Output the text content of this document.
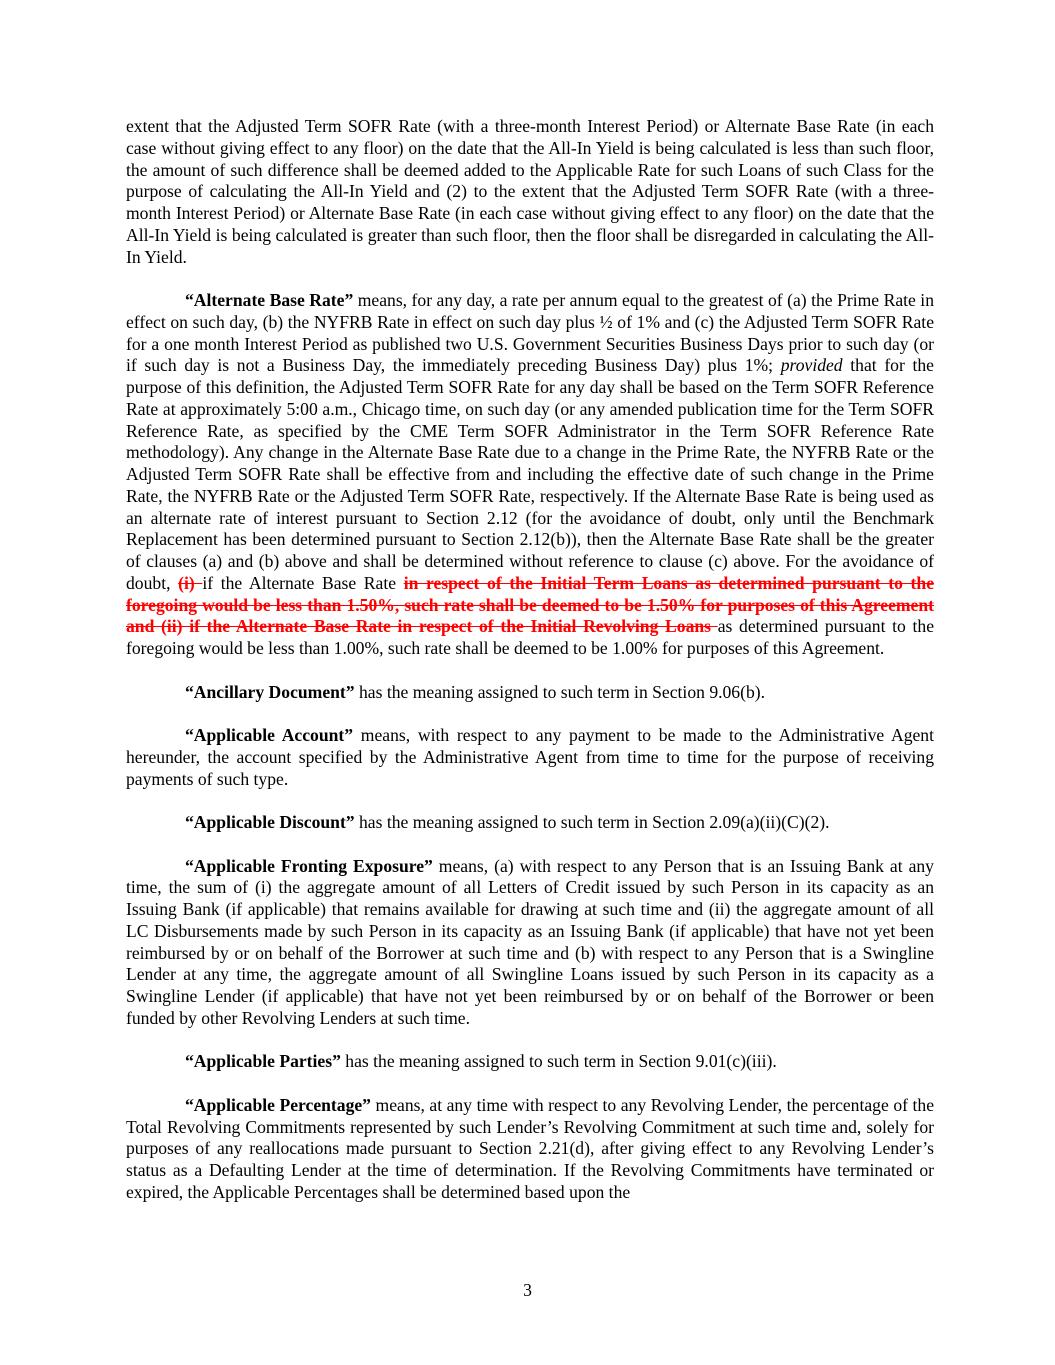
extent that the Adjusted Term SOFR Rate (with a three-month Interest Period) or Alternate Base Rate (in each case without giving effect to any floor) on the date that the All-In Yield is being calculated is less than such floor, the amount of such difference shall be deemed added to the Applicable Rate for such Loans of such Class for the purpose of calculating the All-In Yield and (2) to the extent that the Adjusted Term SOFR Rate (with a three-month Interest Period) or Alternate Base Rate (in each case without giving effect to any floor) on the date that the All-In Yield is being calculated is greater than such floor, then the floor shall be disregarded in calculating the All-In Yield.

“Alternate Base Rate” means, for any day, a rate per annum equal to the greatest of (a) the Prime Rate in effect on such day, (b) the NYFRB Rate in effect on such day plus ½ of 1% and (c) the Adjusted Term SOFR Rate for a one month Interest Period as published two U.S. Government Securities Business Days prior to such day (or if such day is not a Business Day, the immediately preceding Business Day) plus 1%; provided that for the purpose of this definition, the Adjusted Term SOFR Rate for any day shall be based on the Term SOFR Reference Rate at approximately 5:00 a.m., Chicago time, on such day (or any amended publication time for the Term SOFR Reference Rate, as specified by the CME Term SOFR Administrator in the Term SOFR Reference Rate methodology). Any change in the Alternate Base Rate due to a change in the Prime Rate, the NYFRB Rate or the Adjusted Term SOFR Rate shall be effective from and including the effective date of such change in the Prime Rate, the NYFRB Rate or the Adjusted Term SOFR Rate, respectively. If the Alternate Base Rate is being used as an alternate rate of interest pursuant to Section 2.12 (for the avoidance of doubt, only until the Benchmark Replacement has been determined pursuant to Section 2.12(b)), then the Alternate Base Rate shall be the greater of clauses (a) and (b) above and shall be determined without reference to clause (c) above. For the avoidance of doubt, (i) if the Alternate Base Rate in respect of the Initial Term Loans as determined pursuant to the foregoing would be less than 1.50%, such rate shall be deemed to be 1.50% for purposes of this Agreement and (ii) if the Alternate Base Rate in respect of the Initial Revolving Loans as determined pursuant to the foregoing would be less than 1.00%, such rate shall be deemed to be 1.00% for purposes of this Agreement.

“Ancillary Document” has the meaning assigned to such term in Section 9.06(b).

“Applicable Account” means, with respect to any payment to be made to the Administrative Agent hereunder, the account specified by the Administrative Agent from time to time for the purpose of receiving payments of such type.

“Applicable Discount” has the meaning assigned to such term in Section 2.09(a)(ii)(C)(2).

“Applicable Fronting Exposure” means, (a) with respect to any Person that is an Issuing Bank at any time, the sum of (i) the aggregate amount of all Letters of Credit issued by such Person in its capacity as an Issuing Bank (if applicable) that remains available for drawing at such time and (ii) the aggregate amount of all LC Disbursements made by such Person in its capacity as an Issuing Bank (if applicable) that have not yet been reimbursed by or on behalf of the Borrower at such time and (b) with respect to any Person that is a Swingline Lender at any time, the aggregate amount of all Swingline Loans issued by such Person in its capacity as a Swingline Lender (if applicable) that have not yet been reimbursed by or on behalf of the Borrower or been funded by other Revolving Lenders at such time.

“Applicable Parties” has the meaning assigned to such term in Section 9.01(c)(iii).

“Applicable Percentage” means, at any time with respect to any Revolving Lender, the percentage of the Total Revolving Commitments represented by such Lender’s Revolving Commitment at such time and, solely for purposes of any reallocations made pursuant to Section 2.21(d), after giving effect to any Revolving Lender’s status as a Defaulting Lender at the time of determination. If the Revolving Commitments have terminated or expired, the Applicable Percentages shall be determined based upon the

3
